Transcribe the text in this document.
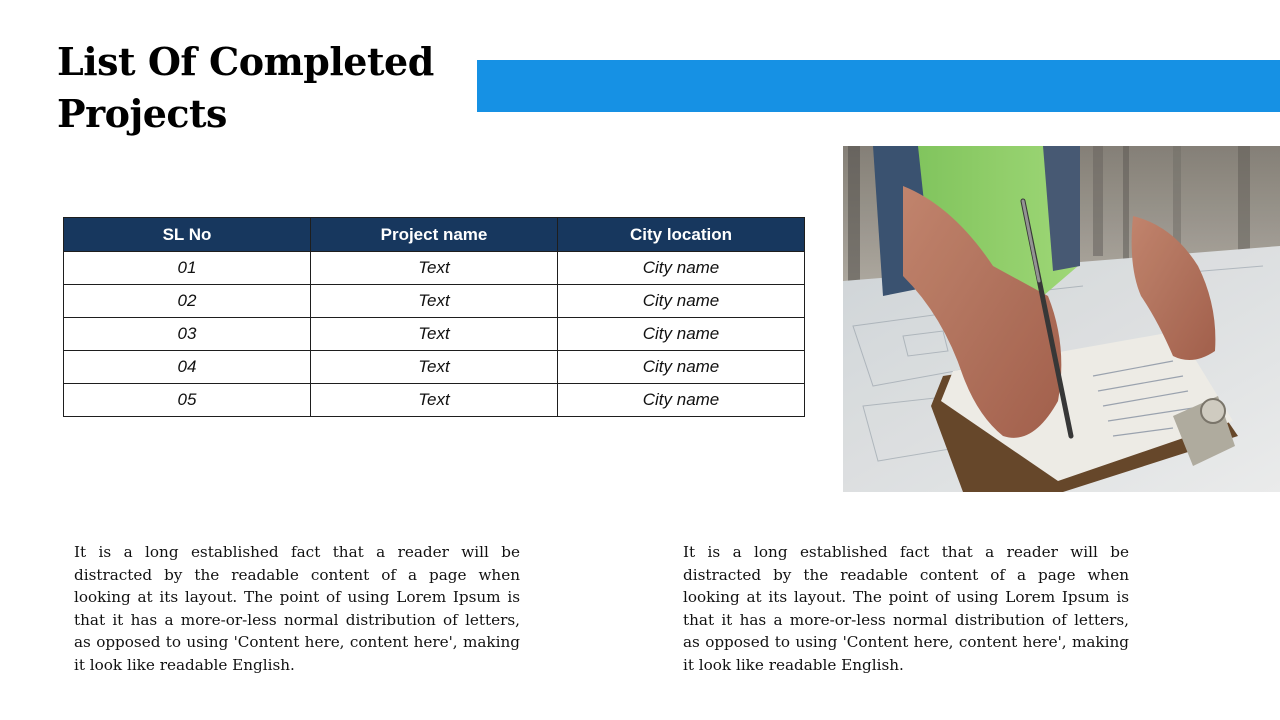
List Of Completed
Projects
SL No	Project name	City location
01	Text	City name
02	Text	City name
03	Text	City name
04	Text	City name
05	Text	City name

It is a long established fact that a reader will be distracted by the readable content of a page when looking at its layout. The point of using Lorem Ipsum is that it has a more-or-less normal distribution of letters, as opposed to using 'Content here, content here', making it look like readable English.

It is a long established fact that a reader will be distracted by the readable content of a page when looking at its layout. The point of using Lorem Ipsum is that it has a more-or-less normal distribution of letters, as opposed to using 'Content here, content here', making it look like readable English.
